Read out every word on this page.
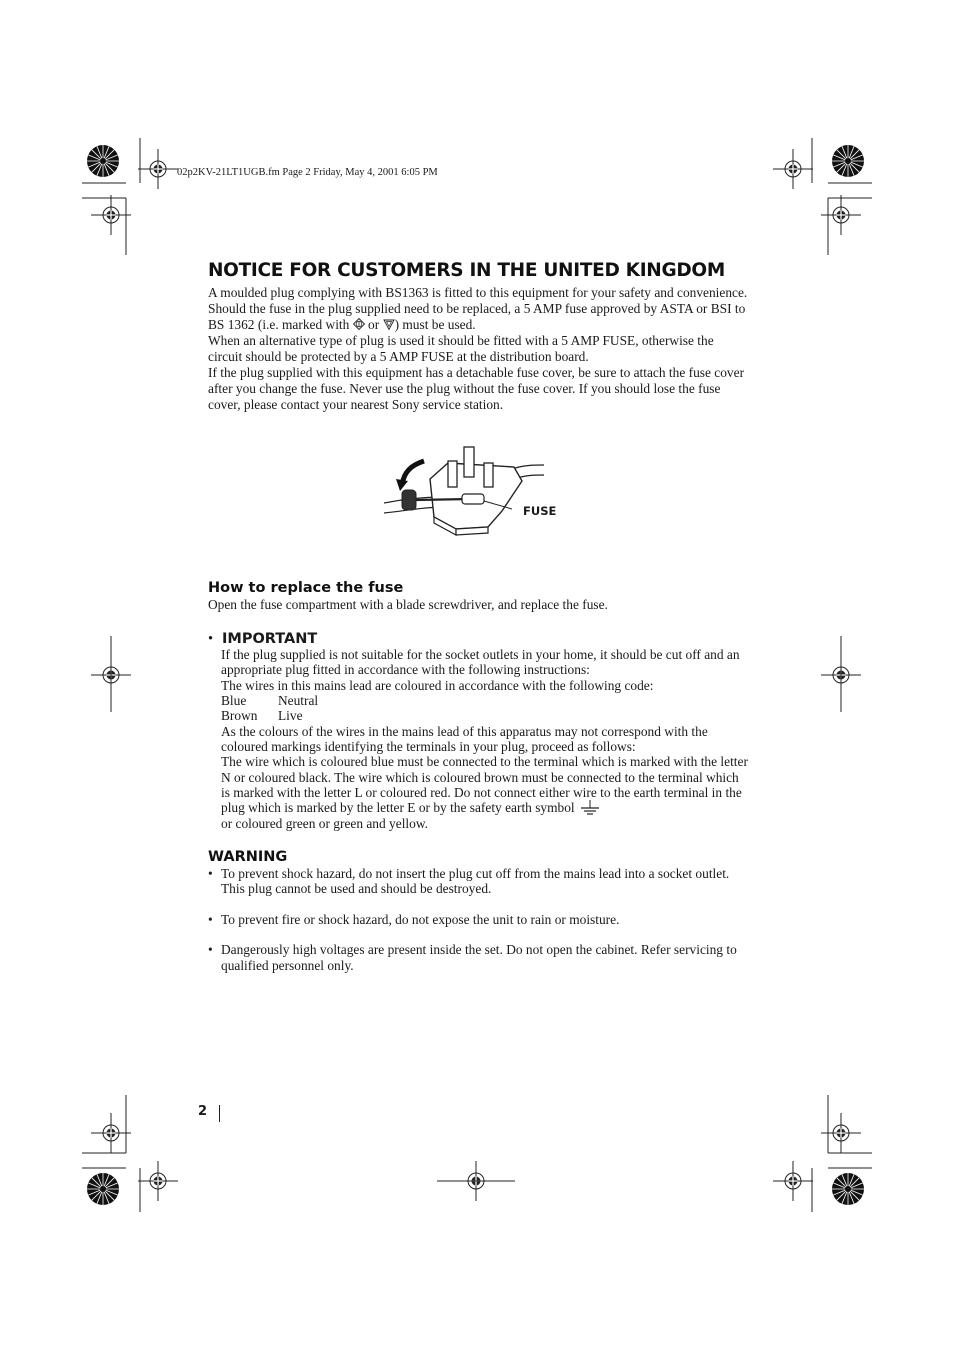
02p2KV-21LT1UGB.fm Page 2 Friday, May 4, 2001 6:05 PM
NOTICE FOR CUSTOMERS IN THE UNITED KINGDOM

A moulded plug complying with BS1363 is fitted to this equipment for your safety and convenience.

Should the fuse in the plug supplied need to be replaced, a 5 AMP fuse approved by ASTA or BSI to BS 1362 (i.e. marked with or ) must be used.

When an alternative type of plug is used it should be fitted with a 5 AMP FUSE, otherwise the circuit should be protected by a 5 AMP FUSE at the distribution board.

If the plug supplied with this equipment has a detachable fuse cover, be sure to attach the fuse cover after you change the fuse. Never use the plug without the fuse cover. If you should lose the fuse cover, please contact your nearest Sony service station.

FUSE
How to replace the fuse

Open the fuse compartment with a blade screwdriver, and replace the fuse.

• IMPORTANT

If the plug supplied is not suitable for the socket outlets in your home, it should be cut off and an appropriate plug fitted in accordance with the following instructions:

The wires in this mains lead are coloured in accordance with the following code:

Blue	Neutral
Brown	Live

As the colours of the wires in the mains lead of this apparatus may not correspond with the coloured markings identifying the terminals in your plug, proceed as follows:

The wire which is coloured blue must be connected to the terminal which is marked with the letter N or coloured black. The wire which is coloured brown must be connected to the terminal which is marked with the letter L or coloured red. Do not connect either wire to the earth terminal in the plug which is marked by the letter E or by the safety earth symbol
or coloured green or green and yellow.

WARNING
• To prevent shock hazard, do not insert the plug cut off from the mains lead into a socket outlet. This plug cannot be used and should be destroyed.
• To prevent fire or shock hazard, do not expose the unit to rain or moisture.
• Dangerously high voltages are present inside the set. Do not open the cabinet. Refer servicing to qualified personnel only.
2
